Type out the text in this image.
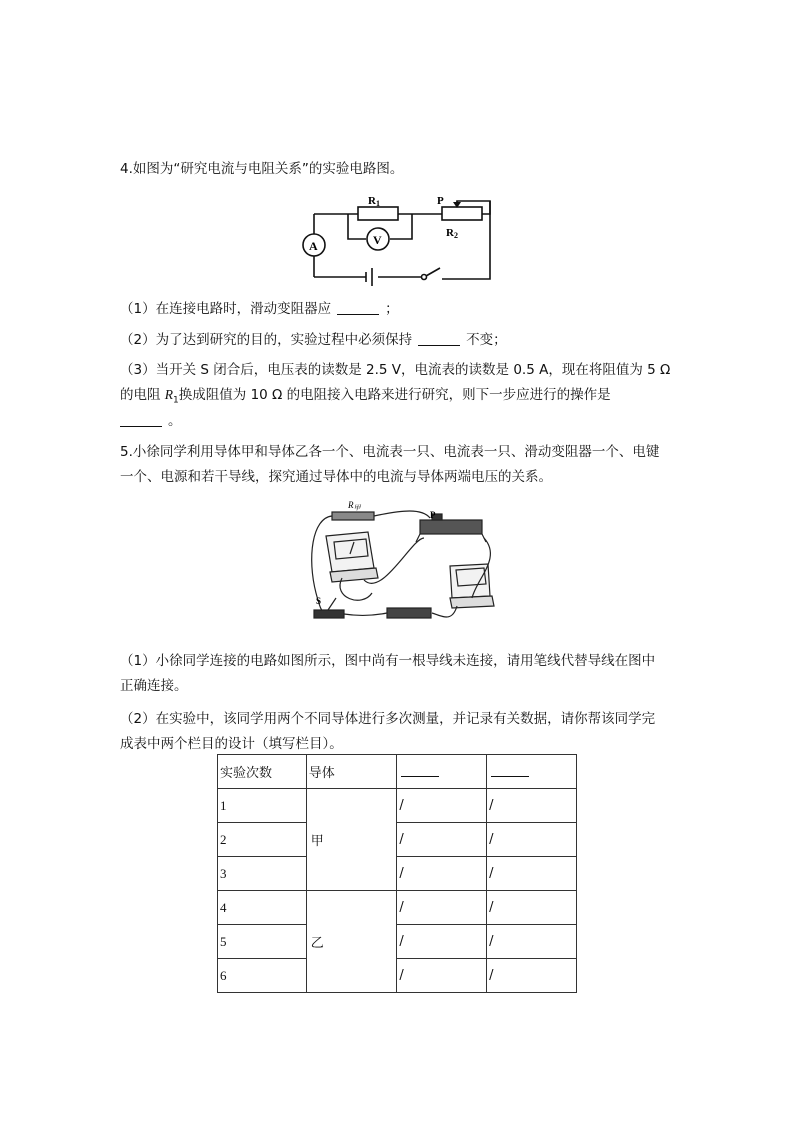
4.如图为“研究电流与电阻关系”的实验电路图。
R1	P
R2
A	V
（1）在连接电路时，滑动变阻器应	；
（2）为了达到研究的目的，实验过程中必须保持	不变；
（3）当开关 S 闭合后，电压表的读数是 2.5 V，电流表的读数是 0.5 A，现在将阻值为 5 Ω
的电阻 $R_1$换成阻值为 10 Ω 的电阻接入电路来进行研究，则下一步应进行的操作是
。
5.小徐同学利用导体甲和导体乙各一个、电流表一只、电流表一只、滑动变阻器一个、电键
一个、电源和若干导线，探究通过导体中的电流与导体两端电压的关系。
$R_甲$
P
S
（1）小徐同学连接的电路如图所示，图中尚有一根导线未连接，请用笔线代替导线在图中
正确连接。
（2）在实验中，该同学用两个不同导体进行多次测量，并记录有关数据，请你帮该同学完
成表中两个栏目的设计（填写栏目）。
实验次数	导体		
1	甲	/	/
2		/	/
3		/	/
4	乙	/	/
5		/	/
6		/	/
